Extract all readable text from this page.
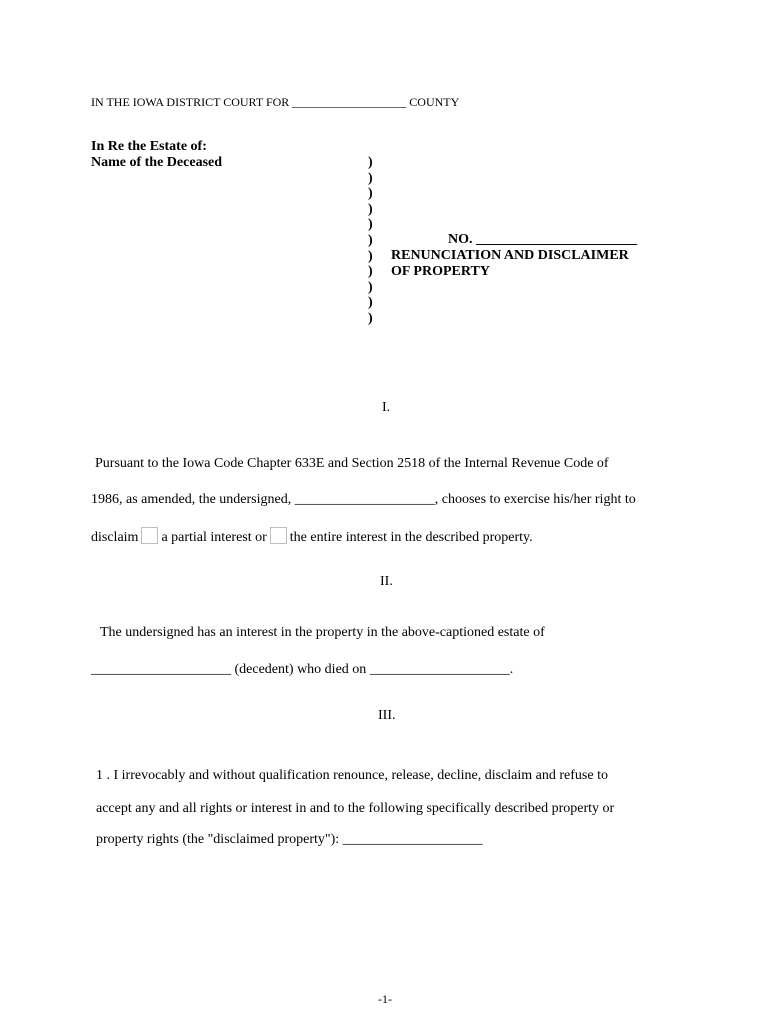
IN THE IOWA DISTRICT COURT FOR ___________________ COUNTY
In Re the Estate of:
Name of the Deceased	)
)
)
)
)
)
)
)
)
)
)
NO. _______________________
RENUNCIATION AND DISCLAIMER
OF PROPERTY
I.
Pursuant to the Iowa Code Chapter 633E and Section 2518 of the Internal Revenue Code of
1986, as amended, the undersigned, ____________________, chooses to exercise his/her right to
disclaim a partial interest or the entire interest in the described property.
II.
The undersigned has an interest in the property in the above-captioned estate of
____________________ (decedent) who died on ____________________.
III.
1 . I irrevocably and without qualification renounce, release, decline, disclaim and refuse to
accept any and all rights or interest in and to the following specifically described property or
property rights (the "disclaimed property"): ____________________
-1-
